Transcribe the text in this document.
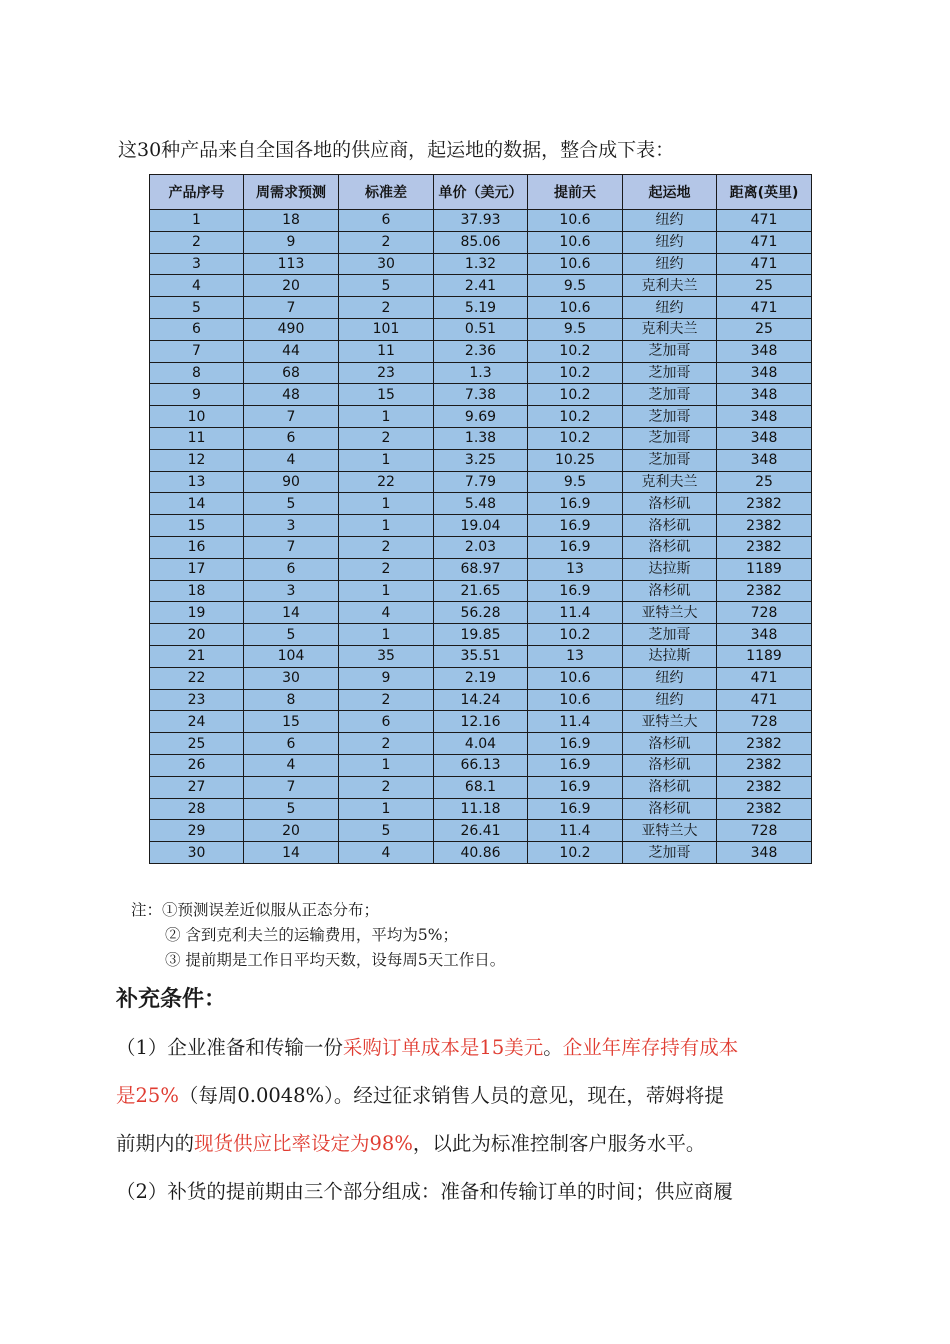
这30种产品来自全国各地的供应商，起运地的数据，整合成下表：
产品序号	周需求预测	标准差	单价（美元）	提前天	起运地	距离(英里)
1	18	6	37.93	10.6	纽约	471
2	9	2	85.06	10.6	纽约	471
3	113	30	1.32	10.6	纽约	471
4	20	5	2.41	9.5	克利夫兰	25
5	7	2	5.19	10.6	纽约	471
6	490	101	0.51	9.5	克利夫兰	25
7	44	11	2.36	10.2	芝加哥	348
8	68	23	1.3	10.2	芝加哥	348
9	48	15	7.38	10.2	芝加哥	348
10	7	1	9.69	10.2	芝加哥	348
11	6	2	1.38	10.2	芝加哥	348
12	4	1	3.25	10.25	芝加哥	348
13	90	22	7.79	9.5	克利夫兰	25
14	5	1	5.48	16.9	洛杉矶	2382
15	3	1	19.04	16.9	洛杉矶	2382
16	7	2	2.03	16.9	洛杉矶	2382
17	6	2	68.97	13	达拉斯	1189
18	3	1	21.65	16.9	洛杉矶	2382
19	14	4	56.28	11.4	亚特兰大	728
20	5	1	19.85	10.2	芝加哥	348
21	104	35	35.51	13	达拉斯	1189
22	30	9	2.19	10.6	纽约	471
23	8	2	14.24	10.6	纽约	471
24	15	6	12.16	11.4	亚特兰大	728
25	6	2	4.04	16.9	洛杉矶	2382
26	4	1	66.13	16.9	洛杉矶	2382
27	7	2	68.1	16.9	洛杉矶	2382
28	5	1	11.18	16.9	洛杉矶	2382
29	20	5	26.41	11.4	亚特兰大	728
30	14	4	40.86	10.2	芝加哥	348
注：①预测误差近似服从正态分布；
② 含到克利夫兰的运输费用，平均为5%；
③ 提前期是工作日平均天数，设每周5天工作日。
补充条件：
（1）企业准备和传输一份采购订单成本是15美元。企业年库存持有成本
是25%（每周0.0048%）。经过征求销售人员的意见，现在，蒂姆将提
前期内的现货供应比率设定为98%，以此为标准控制客户服务水平。
（2）补货的提前期由三个部分组成：准备和传输订单的时间；供应商履
